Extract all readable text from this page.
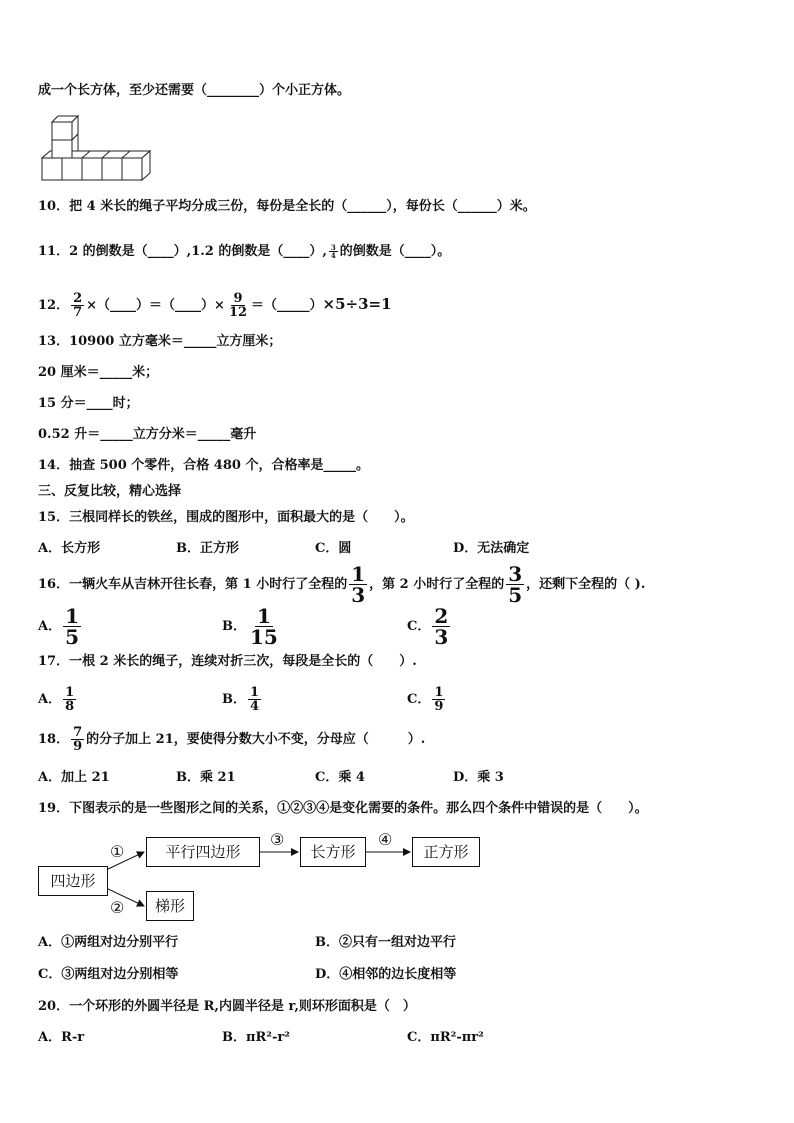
成一个长方体，至少还需要（________）个小正方体。
10．把 4 米长的绳子平均分成三份，每份是全长的（______），每份长（______）米。
11．2 的倒数是（____）,1.2 的倒数是（____）, $\frac{3}{4}$ 的倒数是（____）。
12． $\frac{2}{7}$ ×（____）＝（____）× $\frac{9}{12}$ ＝（_____）×5÷3=1
13．10900 立方毫米＝_____立方厘米；
20 厘米＝_____米；
15 分＝____时；
0.52 升＝_____立方分米＝_____毫升
14．抽查 500 个零件，合格 480 个，合格率是_____。
三、反复比较，精心选择
15．三根同样长的铁丝，围成的图形中，面积最大的是（　　）。
A．长方形	B．正方形	C．圆	D．无法确定
16．一辆火车从吉林开往长春，第 1 小时行了全程的 $\frac{1}{3}$ ，第 2 小时行了全程的 $\frac{3}{5}$ ，还剩下全程的（ ).
A． $\frac{1}{5}$	B． $\frac{1}{15}$	C． $\frac{2}{3}$
17．一根 2 米长的绳子，连续对折三次，每段是全长的（　　）.
A． $\frac{1}{8}$	B． $\frac{1}{4}$	C． $\frac{1}{9}$
18． $\frac{7}{9}$ 的分子加上 21，要使得分数大小不变，分母应（　　　）.
A．加上 21	B．乘 21	C．乘 4	D．乘 3
19．下图表示的是一些图形之间的关系，①②③④是变化需要的条件。那么四个条件中错误的是（　　）。
四边形
平行四边形	长方形	正方形
梯形
①
②
③	④
A．①两组对边分别平行	B．②只有一组对边平行
C．③两组对边分别相等	D．④相邻的边长度相等
20．一个环形的外圆半径是 R,内圆半径是 r,则环形面积是（　）
A．R-r	B．πR²-r²	C．πR²-πr²
